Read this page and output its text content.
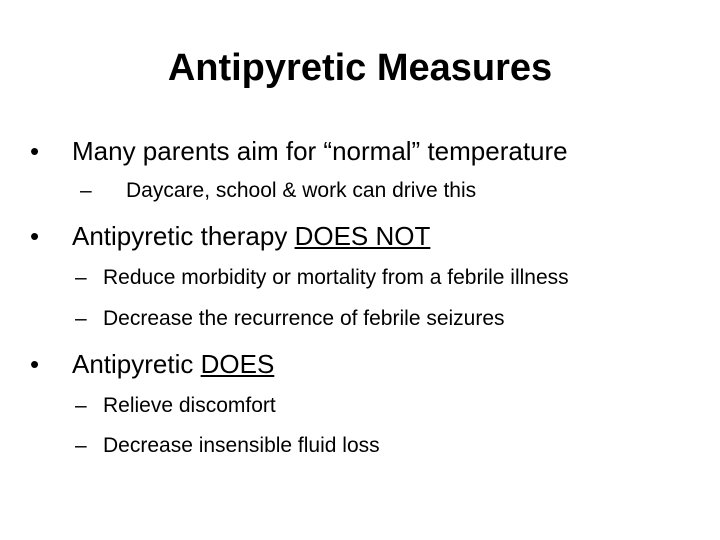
Antipyretic Measures
• Many parents aim for “normal” temperature
– Daycare, school & work can drive this
• Antipyretic therapy DOES NOT
– Reduce morbidity or mortality from a febrile illness
– Decrease the recurrence of febrile seizures
• Antipyretic DOES
– Relieve discomfort
– Decrease insensible fluid loss
